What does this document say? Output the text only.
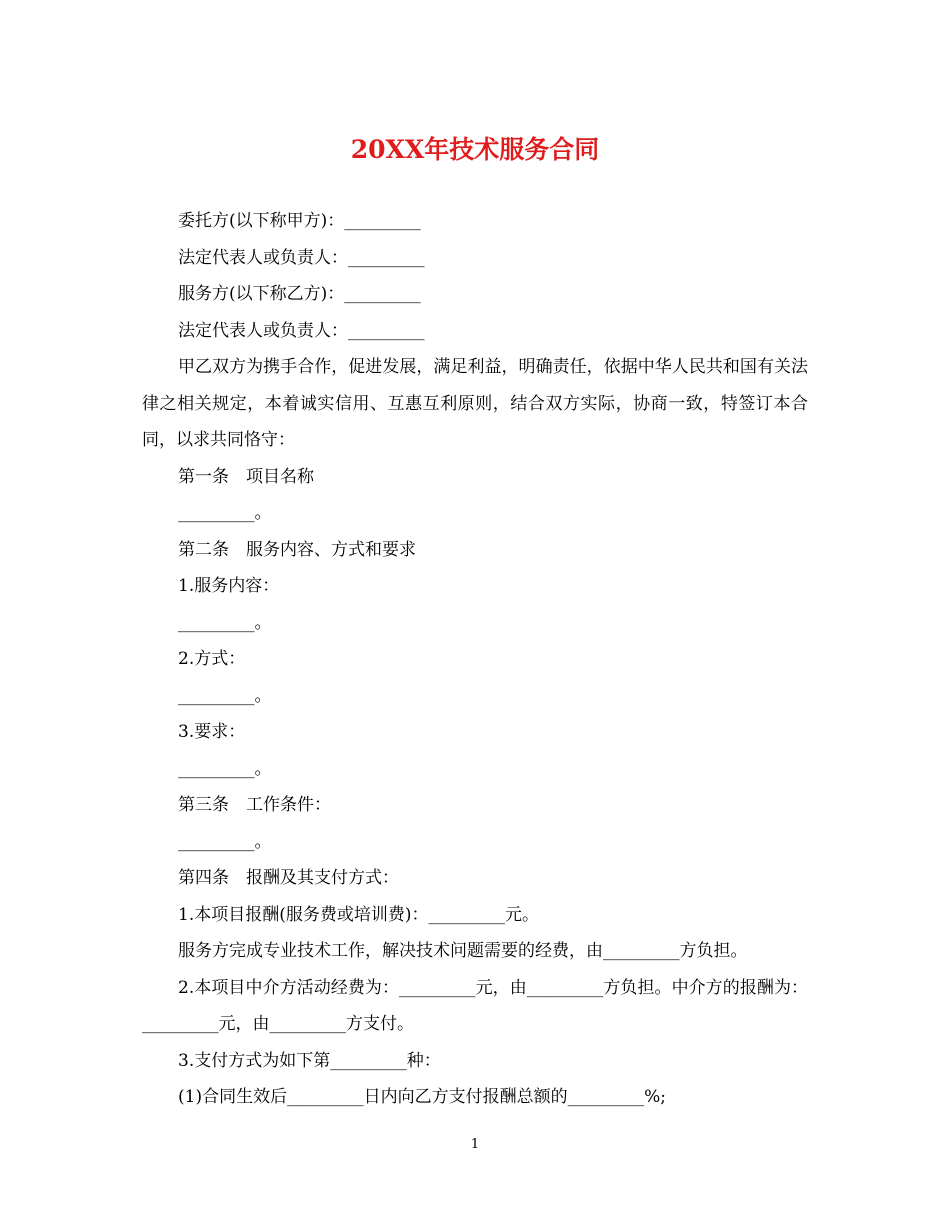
20XX年技术服务合同
委托方(以下称甲方)：_________
法定代表人或负责人：_________
服务方(以下称乙方)：_________
法定代表人或负责人：_________
甲乙双方为携手合作，促进发展，满足利益，明确责任，依据中华人民共和国有关法律之相关规定，本着诚实信用、互惠互利原则，结合双方实际，协商一致，特签订本合同，以求共同恪守：
第一条　项目名称
_________。
第二条　服务内容、方式和要求
1.服务内容：
_________。
2.方式：
_________。
3.要求：
_________。
第三条　工作条件：
_________。
第四条　报酬及其支付方式：
1.本项目报酬(服务费或培训费)：_________元。
服务方完成专业技术工作，解决技术问题需要的经费，由_________方负担。
2.本项目中介方活动经费为：_________元，由_________方负担。中介方的报酬为：_________元，由_________方支付。
3.支付方式为如下第_________种：
(1)合同生效后_________日内向乙方支付报酬总额的_________%;
1
